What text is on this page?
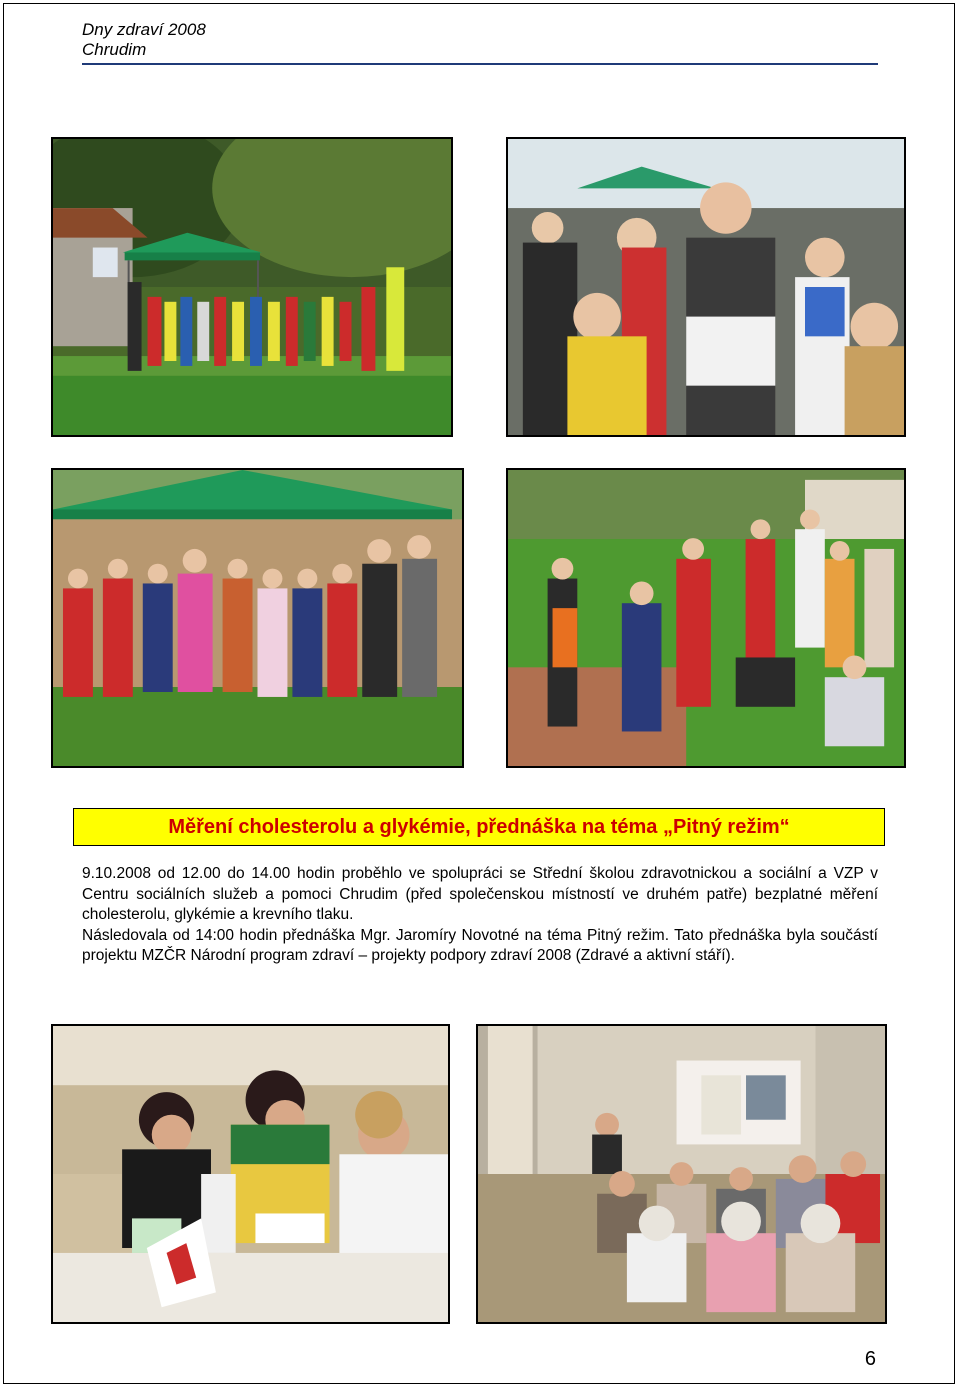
Dny zdraví 2008
Chrudim
Měření cholesterolu a glykémie, přednáška na téma „Pitný režim“

9.10.2008 od 12.00 do 14.00 hodin proběhlo ve spolupráci se Střední školou zdravotnickou a sociální a VZP v Centru sociálních služeb a pomoci Chrudim (před společenskou místností ve druhém patře) bezplatné měření cholesterolu, glykémie a krevního tlaku.

Následovala od 14:00 hodin přednáška Mgr. Jaromíry Novotné na téma Pitný režim. Tato přednáška byla součástí projektu MZČR Národní program zdraví – projekty podpory zdraví 2008 (Zdravé a aktivní stáří).

6
